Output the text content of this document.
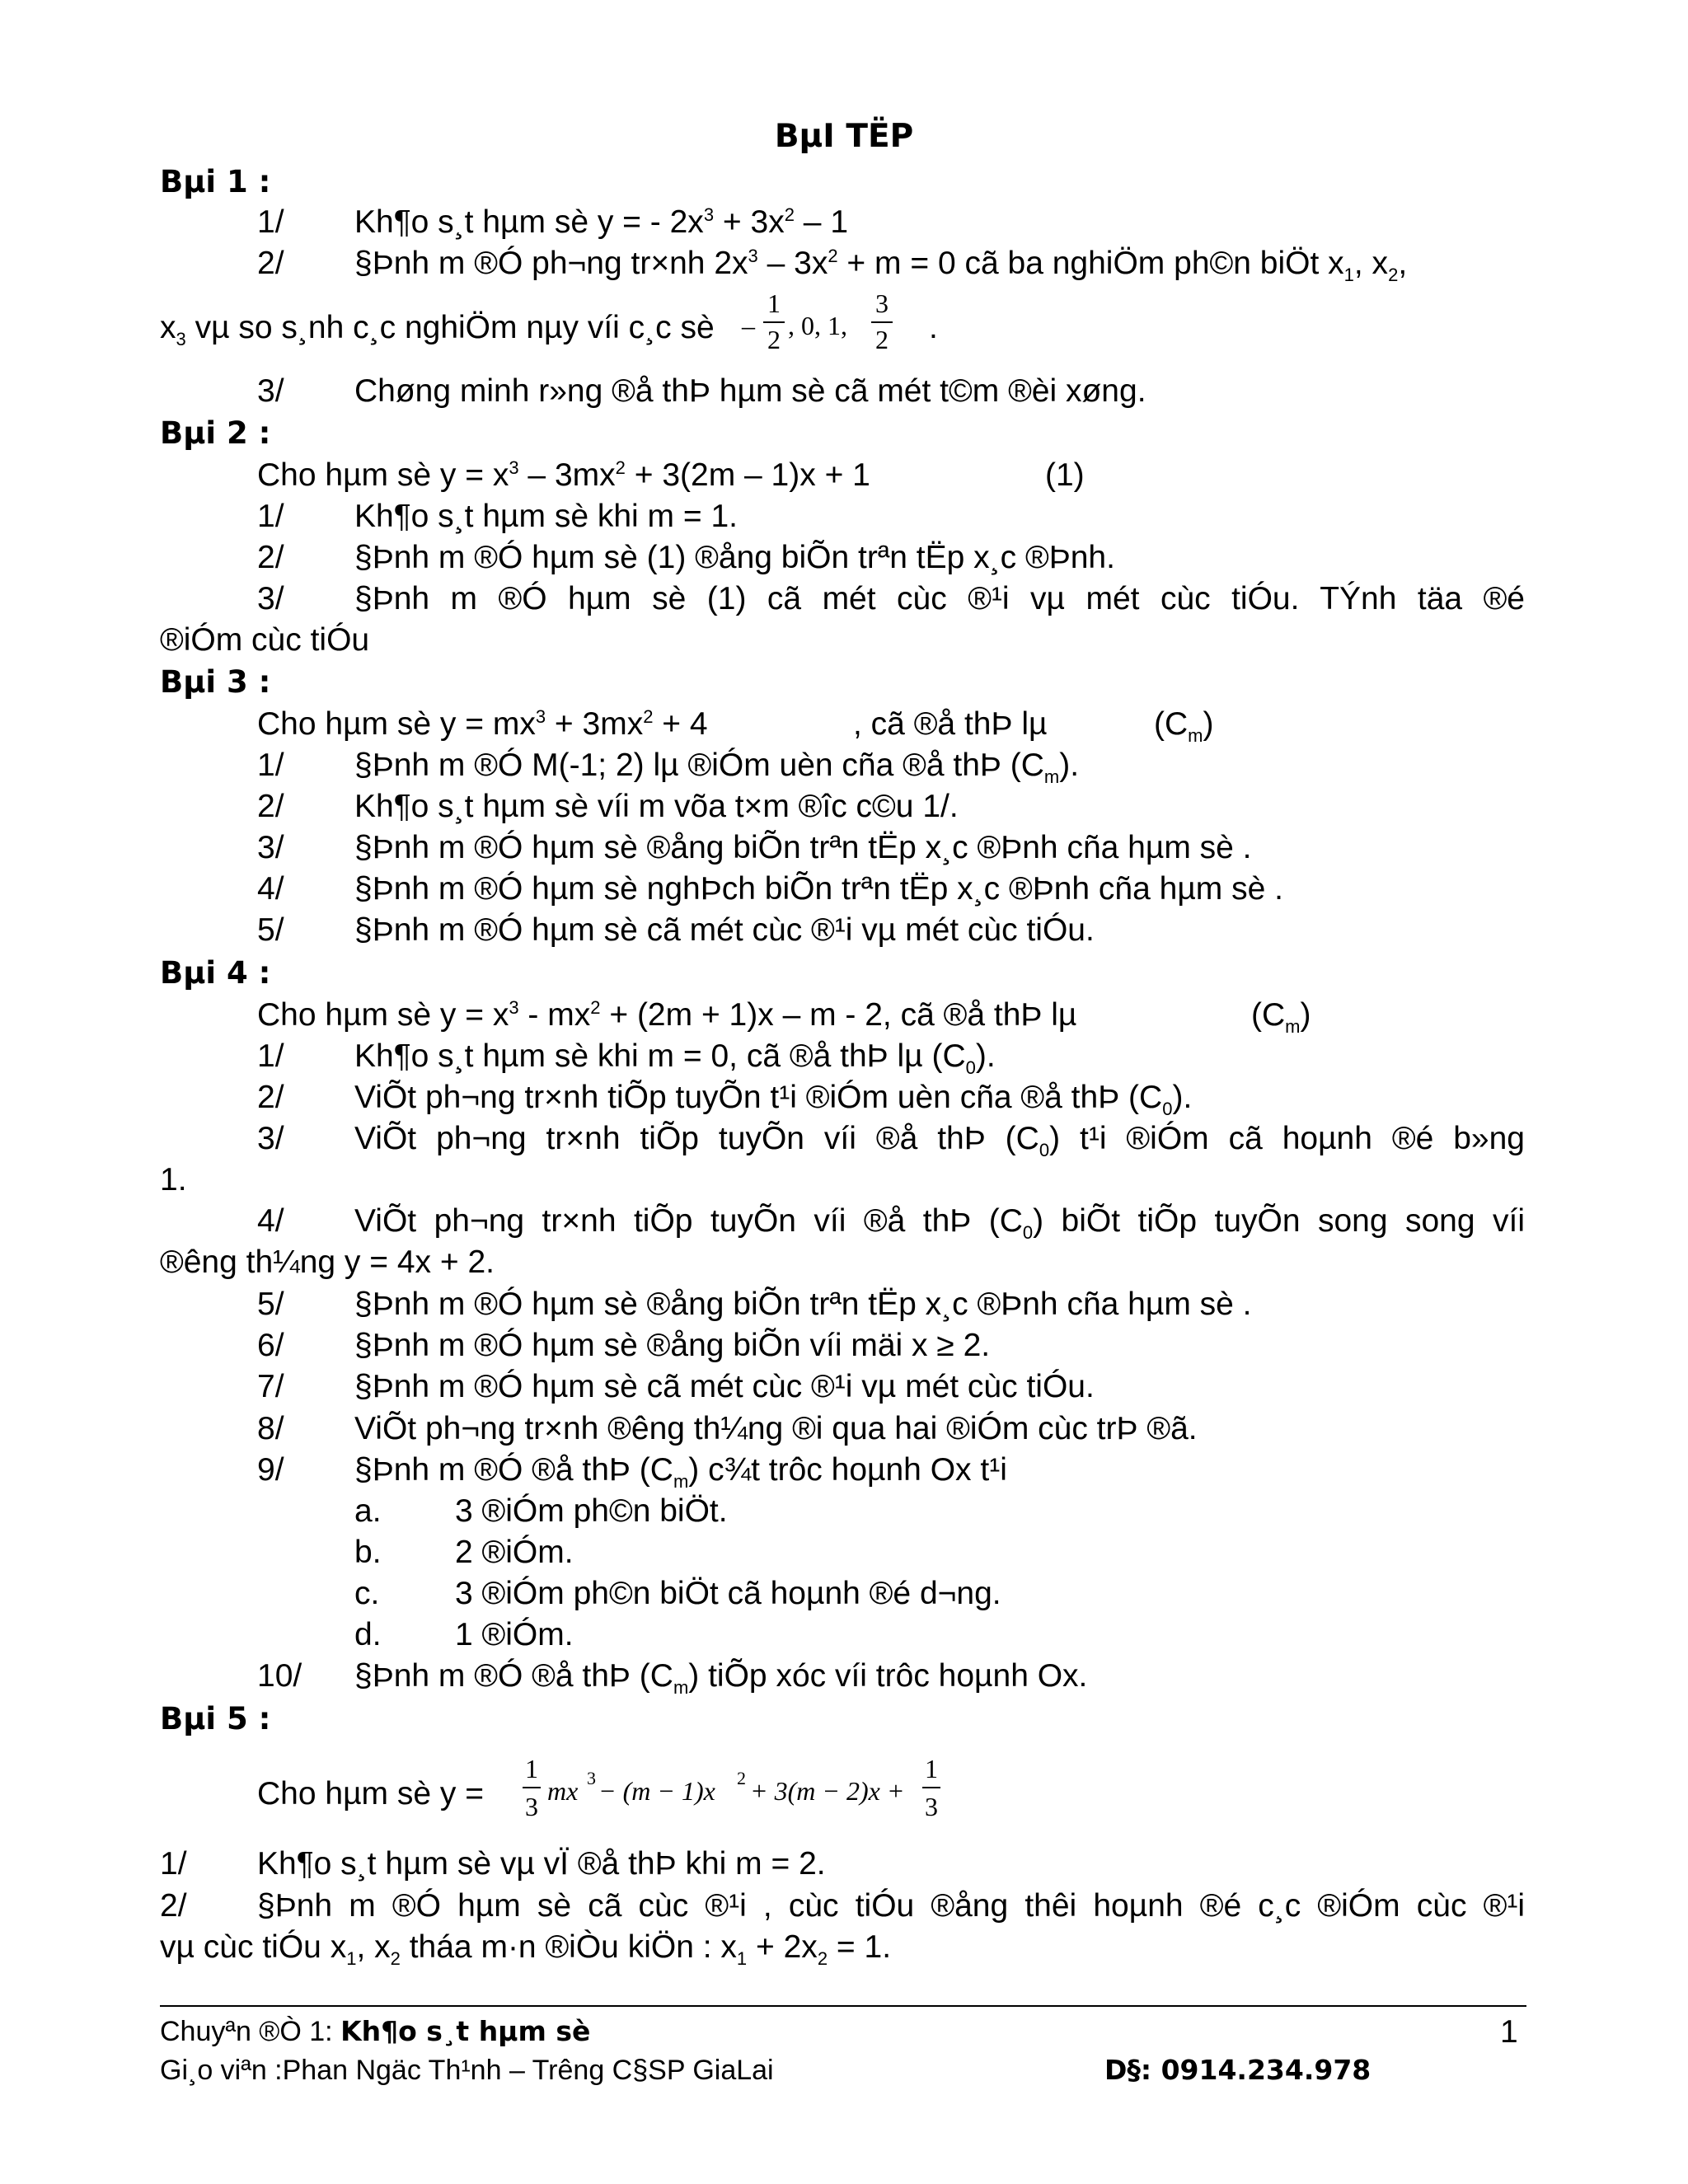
BµI TËP
Bµi 1 :
1/ Kh¶o s¸t hµm sè y = - $2x^3 + 3x^2 - 1$
2/ §Þnh m ®Ó ph¬ng tr×nh $2x^3 - 3x^2 + m = 0$ cã ba nghiÖm ph©n biÖt $x_1$, $x_2$,
$x_3$ vµ so s¸nh c¸c nghiÖm nµy víi c¸c sè –
1
2 , 0, 1,
3
2 .
3/ Chøng minh r»ng ®å thÞ hµm sè cã mét t©m ®èi xøng.
Bµi 2 :
Cho hµm sè $y = x^3 - 3mx^2 + 3(2m - 1)x + 1$	(1)
1/ Kh¶o s¸t hµm sè khi m = 1.
2/ §Þnh m ®Ó hµm sè (1) ®ång biÕn trªn tËp x¸c ®Þnh.
3/ §Þnh m ®Ó hµm sè (1) cã mét cùc ®¹i vµ mét cùc tiÓu. TÝnh täa ®é
®iÓm cùc tiÓu
Bµi 3 :
Cho hµm sè $y = mx^3 + 3mx^2 + 4$	, cã ®å thÞ lµ	$(C_m)$
1/ §Þnh m ®Ó M(-1; 2) lµ ®iÓm uèn cña ®å thÞ $(C_m)$.
2/ Kh¶o s¸t hµm sè víi m võa t×m ®îc c©u 1/.
3/ §Þnh m ®Ó hµm sè ®ång biÕn trªn tËp x¸c ®Þnh cña hµm sè .
4/ §Þnh m ®Ó hµm sè nghÞch biÕn trªn tËp x¸c ®Þnh cña hµm sè .
5/ §Þnh m ®Ó hµm sè cã mét cùc ®¹i vµ mét cùc tiÓu.
Bµi 4 :
Cho hµm sè $y = x^3 - mx^2 + (2m + 1)x - m - 2$, cã ®å thÞ lµ	$(C_m)$
1/ Kh¶o s¸t hµm sè khi m = 0, cã ®å thÞ lµ $(C_0)$.
2/ ViÕt ph¬ng tr×nh tiÕp tuyÕn t¹i ®iÓm uèn cña ®å thÞ $(C_0)$.
3/ ViÕt ph¬ng tr×nh tiÕp tuyÕn víi ®å thÞ $(C_0)$ t¹i ®iÓm cã hoµnh ®é b»ng
1.
4/ ViÕt ph¬ng tr×nh tiÕp tuyÕn víi ®å thÞ $(C_0)$ biÕt tiÕp tuyÕn song song víi
®êng th¼ng y = 4x + 2.
5/ §Þnh m ®Ó hµm sè ®ång biÕn trªn tËp x¸c ®Þnh cña hµm sè .
6/ §Þnh m ®Ó hµm sè ®ång biÕn víi mäi x ≥ 2.
7/ §Þnh m ®Ó hµm sè cã mét cùc ®¹i vµ mét cùc tiÓu.
8/ ViÕt ph¬ng tr×nh ®êng th¼ng ®i qua hai ®iÓm cùc trÞ ®ã.
9/ §Þnh m ®Ó ®å thÞ $(C_m)$ c¾t trôc hoµnh Ox t¹i
a. 3 ®iÓm ph©n biÖt.
b. 2 ®iÓm.
c. 3 ®iÓm ph©n biÖt cã hoµnh ®é d¬ng.
d. 1 ®iÓm.
10/ §Þnh m ®Ó ®å thÞ $(C_m)$ tiÕp xóc víi trôc hoµnh Ox.
Bµi 5 :
Cho hµm sè y =
1
3
mx 3 − (m − 1)x 2 + 3(m − 2)x +
1
3
1/ Kh¶o s¸t hµm sè vµ vÏ ®å thÞ khi m = 2.
2/ §Þnh m ®Ó hµm sè cã cùc ®¹i , cùc tiÓu ®ång thêi hoµnh ®é c¸c ®iÓm cùc ®¹i
vµ cùc tiÓu $x_1$, $x_2$ tháa m·n ®iÒu kiÖn : $x_1 + 2x_2 = 1$.
Chuyªn ®Ò 1: Kh¶o s¸t hµm sè	1
Gi¸o viªn :Phan Ngäc Th¹nh – Trêng C§SP GiaLai	D§: 0914.234.978
